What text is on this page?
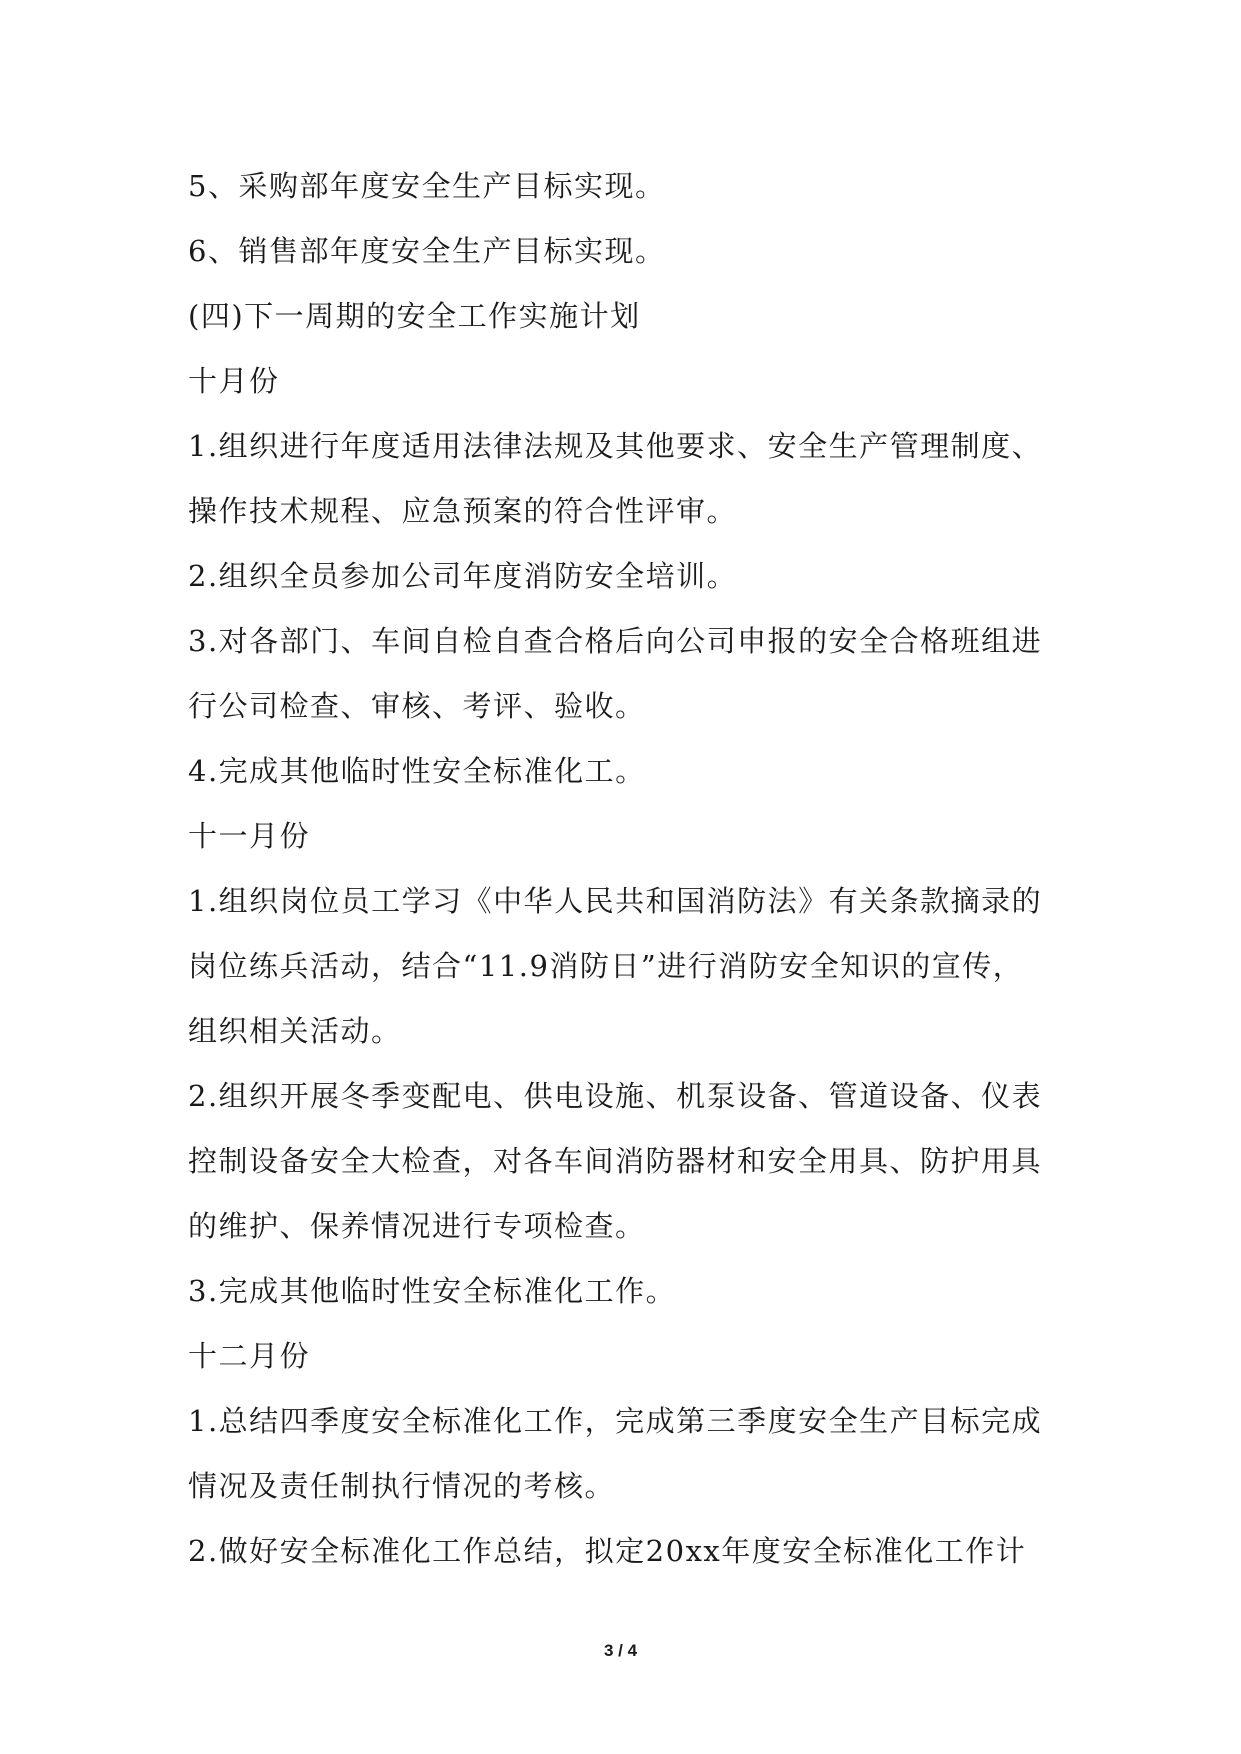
5、采购部年度安全生产目标实现。
6、销售部年度安全生产目标实现。
(四)下一周期的安全工作实施计划
十月份
1.组织进行年度适用法律法规及其他要求、安全生产管理制度、
操作技术规程、应急预案的符合性评审。
2.组织全员参加公司年度消防安全培训。
3.对各部门、车间自检自查合格后向公司申报的安全合格班组进
行公司检查、审核、考评、验收。
4.完成其他临时性安全标准化工。
十一月份
1.组织岗位员工学习《中华人民共和国消防法》有关条款摘录的
岗位练兵活动，结合“11.9消防日”进行消防安全知识的宣传，
组织相关活动。
2.组织开展冬季变配电、供电设施、机泵设备、管道设备、仪表
控制设备安全大检查，对各车间消防器材和安全用具、防护用具
的维护、保养情况进行专项检查。
3.完成其他临时性安全标准化工作。
十二月份
1.总结四季度安全标准化工作，完成第三季度安全生产目标完成
情况及责任制执行情况的考核。
2.做好安全标准化工作总结，拟定20xx年度安全标准化工作计
3 / 4
